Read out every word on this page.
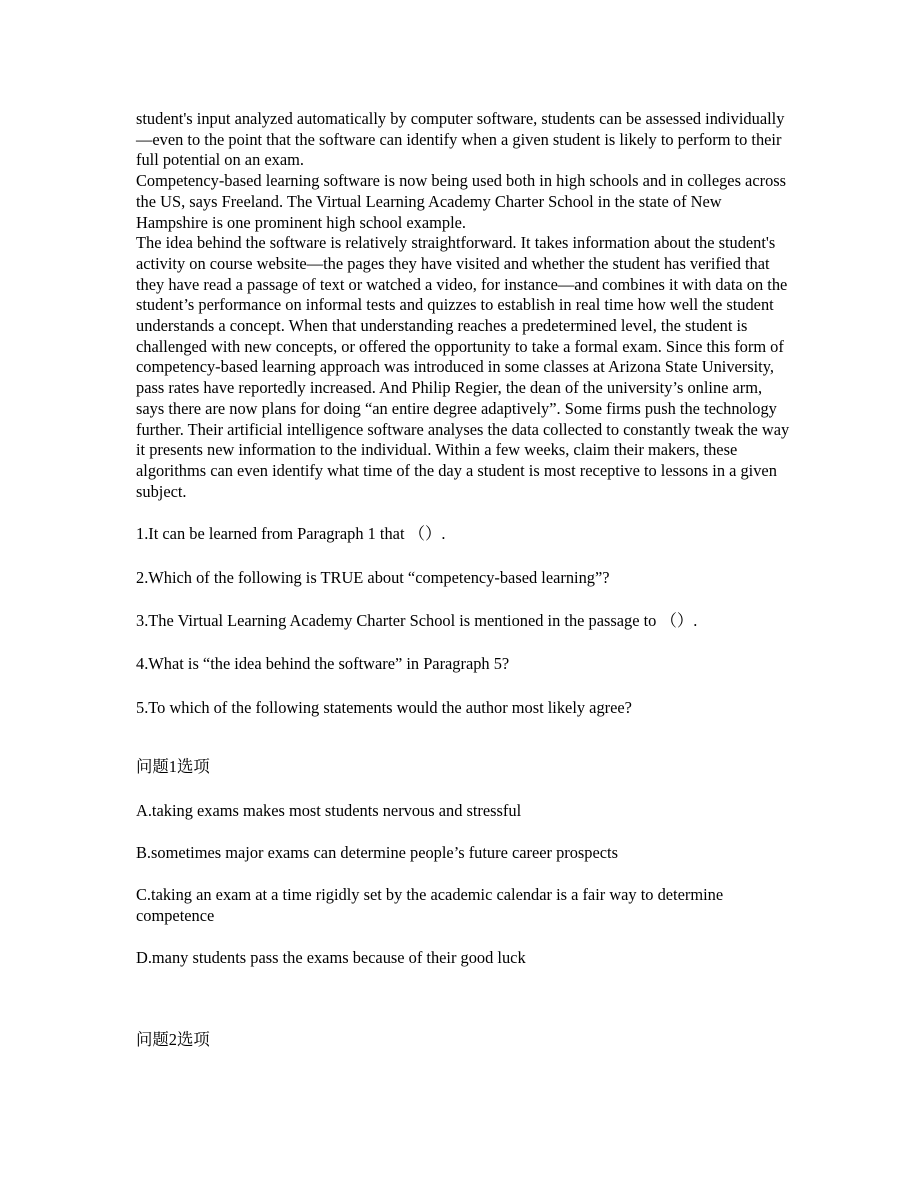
student's input analyzed automatically by computer software, students can be assessed individually—even to the point that the software can identify when a given student is likely to perform to their full potential on an exam.

Competency-based learning software is now being used both in high schools and in colleges across the US, says Freeland. The Virtual Learning Academy Charter School in the state of New Hampshire is one prominent high school example.

The idea behind the software is relatively straightforward. It takes information about the student's activity on course website—the pages they have visited and whether the student has verified that they have read a passage of text or watched a video, for instance—and combines it with data on the student’s performance on informal tests and quizzes to establish in real time how well the student understands a concept. When that understanding reaches a predetermined level, the student is challenged with new concepts, or offered the opportunity to take a formal exam. Since this form of competency-based learning approach was introduced in some classes at Arizona State University, pass rates have reportedly increased. And Philip Regier, the dean of the university’s online arm, says there are now plans for doing “an entire degree adaptively”. Some firms push the technology further. Their artificial intelligence software analyses the data collected to constantly tweak the way it presents new information to the individual. Within a few weeks, claim their makers, these algorithms can even identify what time of the day a student is most receptive to lessons in a given subject.

1.It can be learned from Paragraph 1 that （）.

2.Which of the following is TRUE about “competency-based learning”?

3.The Virtual Learning Academy Charter School is mentioned in the passage to （）.

4.What is “the idea behind the software” in Paragraph 5?

5.To which of the following statements would the author most likely agree?

问题1选项

A.taking exams makes most students nervous and stressful

B.sometimes major exams can determine people’s future career prospects

C.taking an exam at a time rigidly set by the academic calendar is a fair way to determine competence

D.many students pass the exams because of their good luck

问题2选项
